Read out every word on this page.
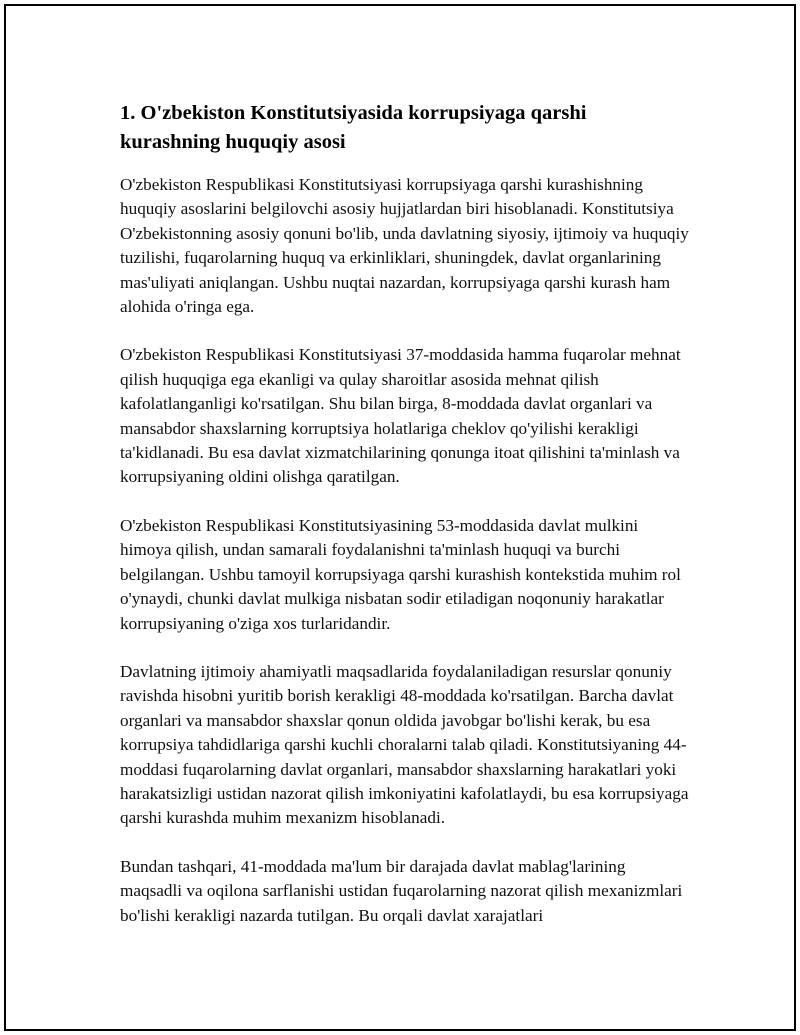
1. O'zbekiston Konstitutsiyasida korrupsiyaga qarshi kurashning huquqiy asosi

O'zbekiston Respublikasi Konstitutsiyasi korrupsiyaga qarshi kurashishning huquqiy asoslarini belgilovchi asosiy hujjatlardan biri hisoblanadi. Konstitutsiya O'zbekistonning asosiy qonuni bo'lib, unda davlatning siyosiy, ijtimoiy va huquqiy tuzilishi, fuqarolarning huquq va erkinliklari, shuningdek, davlat organlarining mas'uliyati aniqlangan. Ushbu nuqtai nazardan, korrupsiyaga qarshi kurash ham alohida o'ringa ega.

O'zbekiston Respublikasi Konstitutsiyasi 37-moddasida hamma fuqarolar mehnat qilish huquqiga ega ekanligi va qulay sharoitlar asosida mehnat qilish kafolatlanganligi ko'rsatilgan. Shu bilan birga, 8-moddada davlat organlari va mansabdor shaxslarning korruptsiya holatlariga cheklov qo'yilishi kerakligi ta'kidlanadi. Bu esa davlat xizmatchilarining qonunga itoat qilishini ta'minlash va korrupsiyaning oldini olishga qaratilgan.

O'zbekiston Respublikasi Konstitutsiyasining 53-moddasida davlat mulkini himoya qilish, undan samarali foydalanishni ta'minlash huquqi va burchi belgilangan. Ushbu tamoyil korrupsiyaga qarshi kurashish kontekstida muhim rol o'ynaydi, chunki davlat mulkiga nisbatan sodir etiladigan noqonuniy harakatlar korrupsiyaning o'ziga xos turlaridandir.

Davlatning ijtimoiy ahamiyatli maqsadlarida foydalaniladigan resurslar qonuniy ravishda hisobni yuritib borish kerakligi 48-moddada ko'rsatilgan. Barcha davlat organlari va mansabdor shaxslar qonun oldida javobgar bo'lishi kerak, bu esa korrupsiya tahdidlariga qarshi kuchli choralarni talab qiladi. Konstitutsiyaning 44-moddasi fuqarolarning davlat organlari, mansabdor shaxslarning harakatlari yoki harakatsizligi ustidan nazorat qilish imkoniyatini kafolatlaydi, bu esa korrupsiyaga qarshi kurashda muhim mexanizm hisoblanadi.

Bundan tashqari, 41-moddada ma'lum bir darajada davlat mablag'larining maqsadli va oqilona sarflanishi ustidan fuqarolarning nazorat qilish mexanizmlari bo'lishi kerakligi nazarda tutilgan. Bu orqali davlat xarajatlari
